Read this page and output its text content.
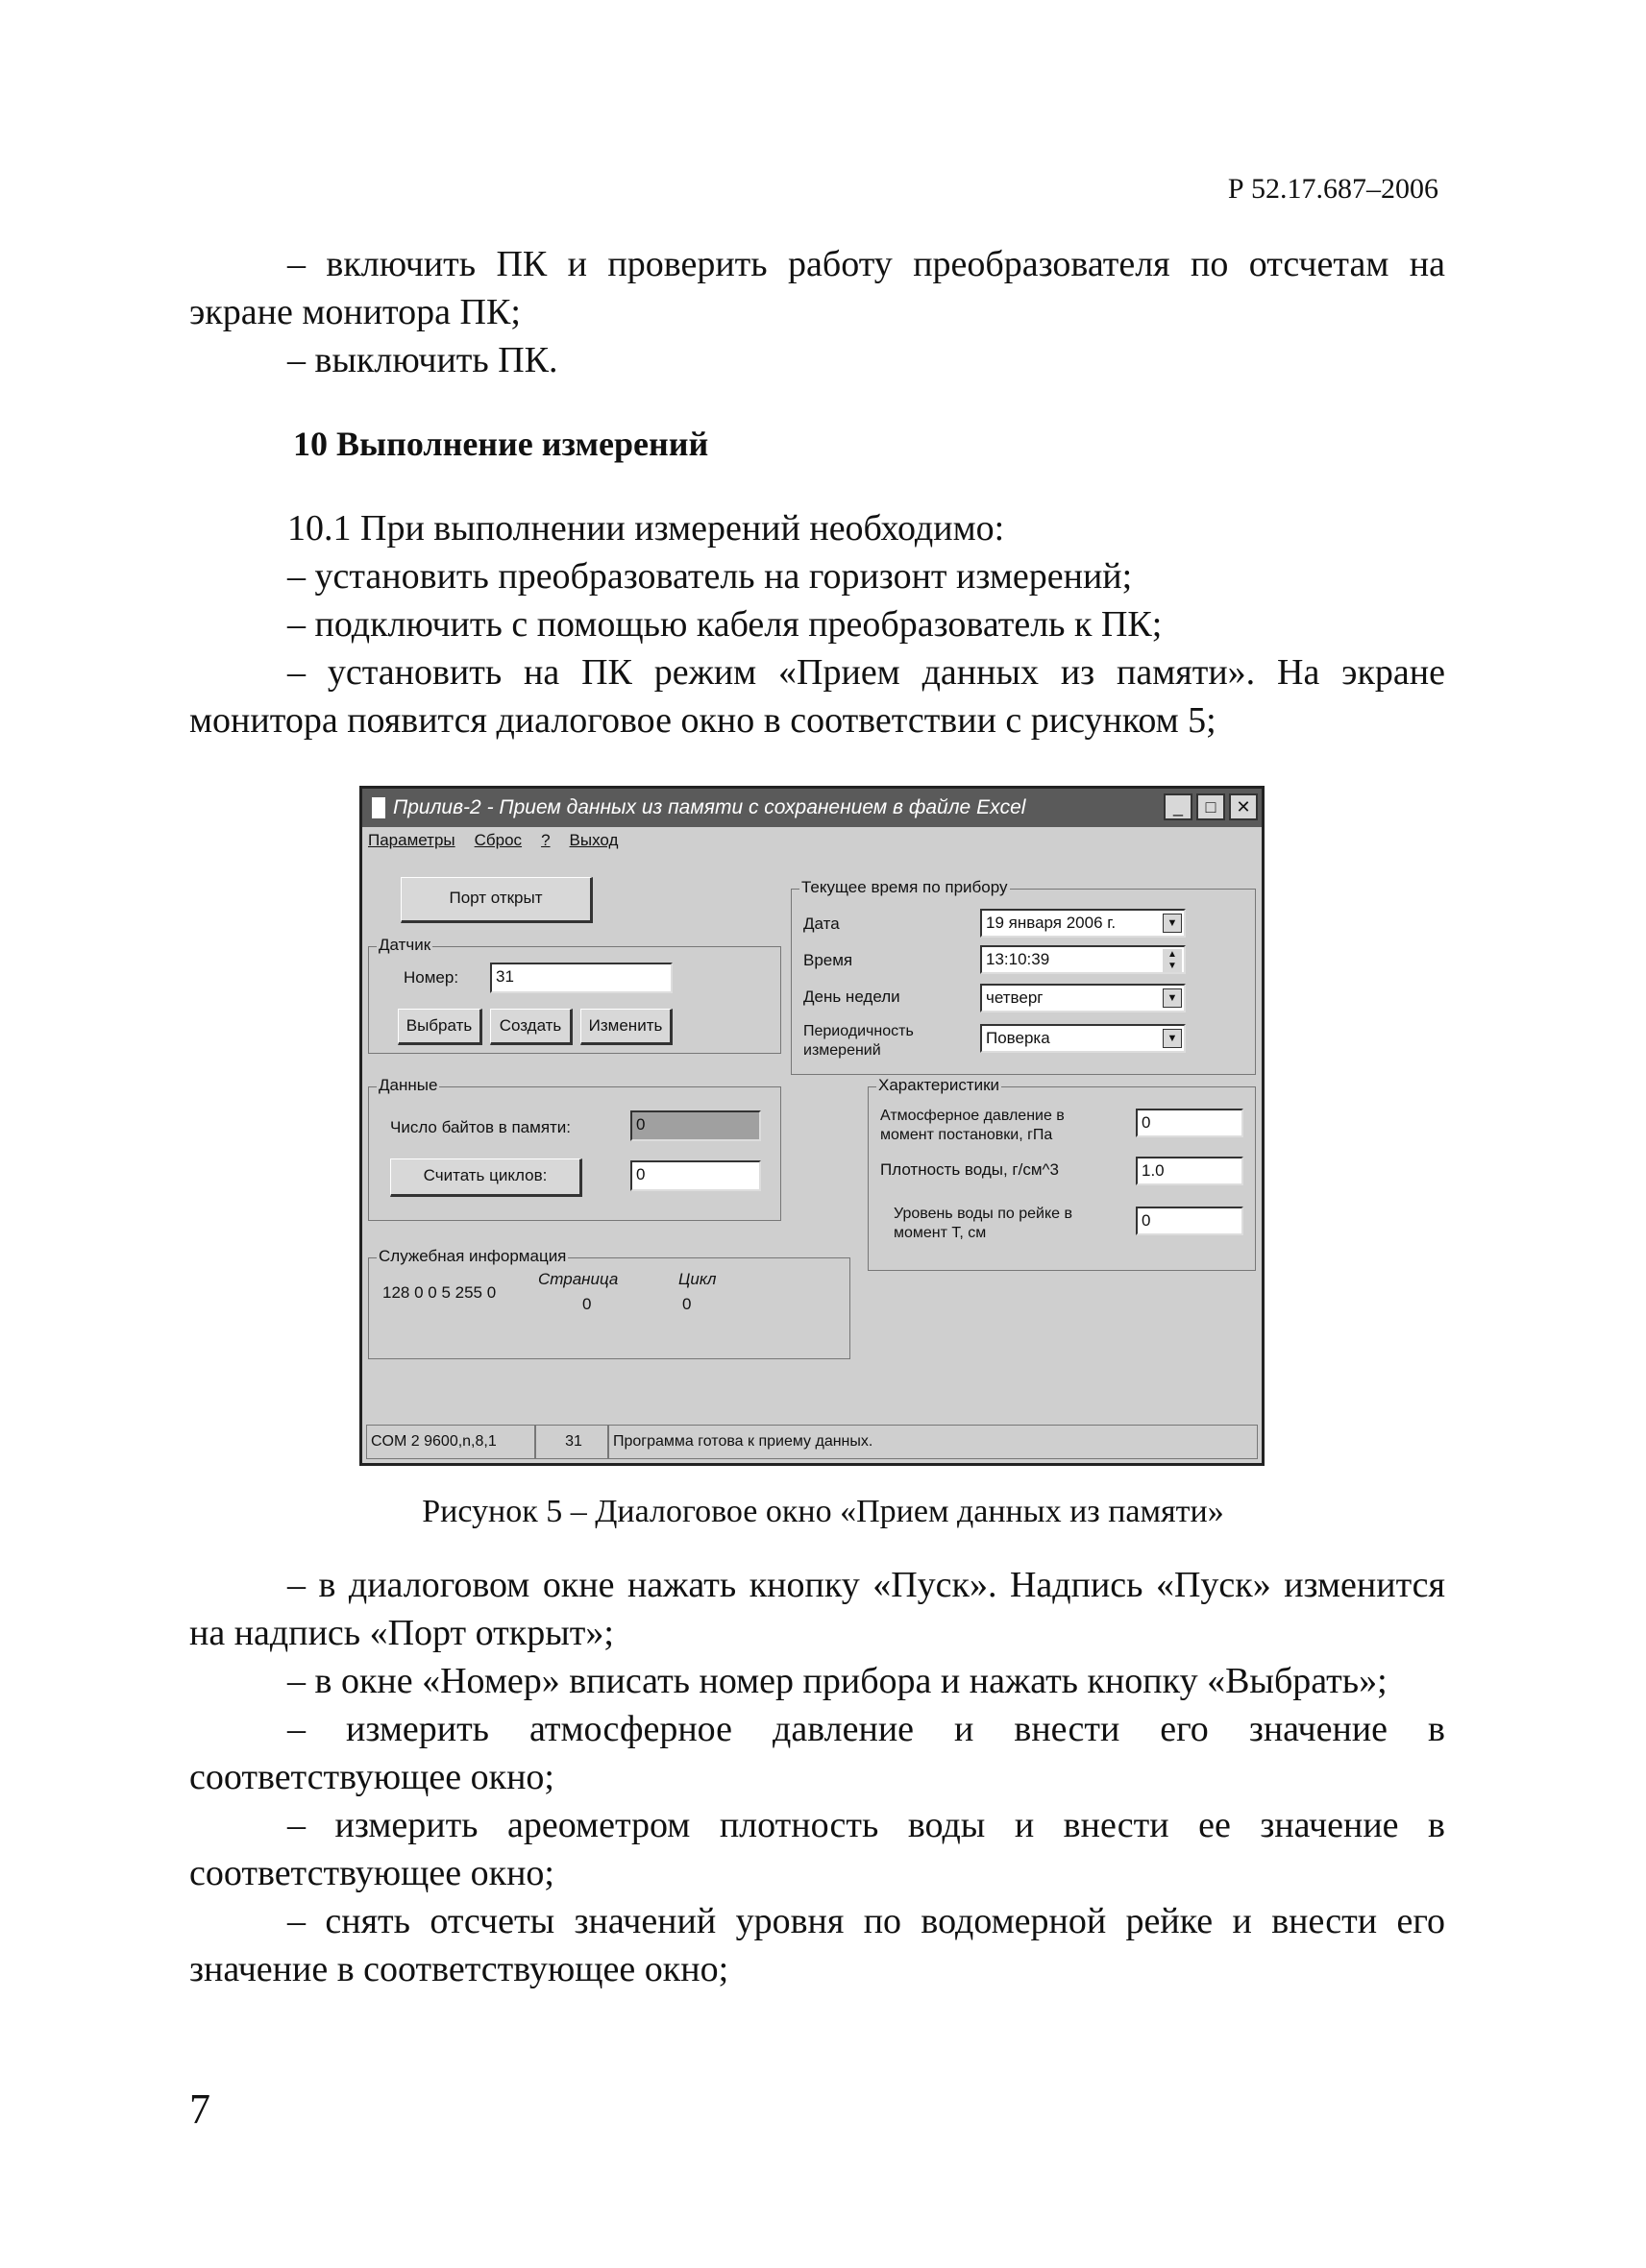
Р 52.17.687–2006

– включить ПК и проверить работу преобразователя по отсчетам на экране монитора ПК;

– выключить ПК.

10 Выполнение измерений

10.1 При выполнении измерений необходимо:

– установить преобразователь на горизонт измерений;

– подключить с помощью кабеля преобразователь к ПК;

– установить на ПК режим «Прием данных из памяти». На экране монитора появится диалоговое окно в соответствии с рисунком 5;

Прилив-2 - Прием данных из памяти с сохранением в файле Excel	_	□	✕
Параметры Сброс ? Выход
Порт открыт
Датчик
Номер:	31
Выбрать	Создать	Изменить
Текущее время по прибору
Дата	19 января 2006 г.	▼
Время	13:10:39	▲
▼
День недели	четверг	▼
Периодичность измерений
Поверка	▼
Данные
Число байтов в памяти:	0
Считать циклов:	0
Характеристики
Атмосферное давление в момент постановки, гПа
0
Плотность воды, г/см^3	1.0
Уровень воды по рейке в момент T, см
0
Служебная информация
128 0 0 5 255 0
Страница
0
Цикл
0
COM 2 9600,n,8,1	31	Программа готова к приему данных.
Рисунок 5 – Диалоговое окно «Прием данных из памяти»

– в диалоговом окне нажать кнопку «Пуск». Надпись «Пуск» изменится на надпись «Порт открыт»;

– в окне «Номер» вписать номер прибора и нажать кнопку «Выбрать»;

– измерить атмосферное давление и внести его значение в соответствующее окно;

– измерить ареометром плотность воды и внести ее значение в соответствующее окно;

– снять отсчеты значений уровня по водомерной рейке и внести его значение в соответствующее окно;

7
